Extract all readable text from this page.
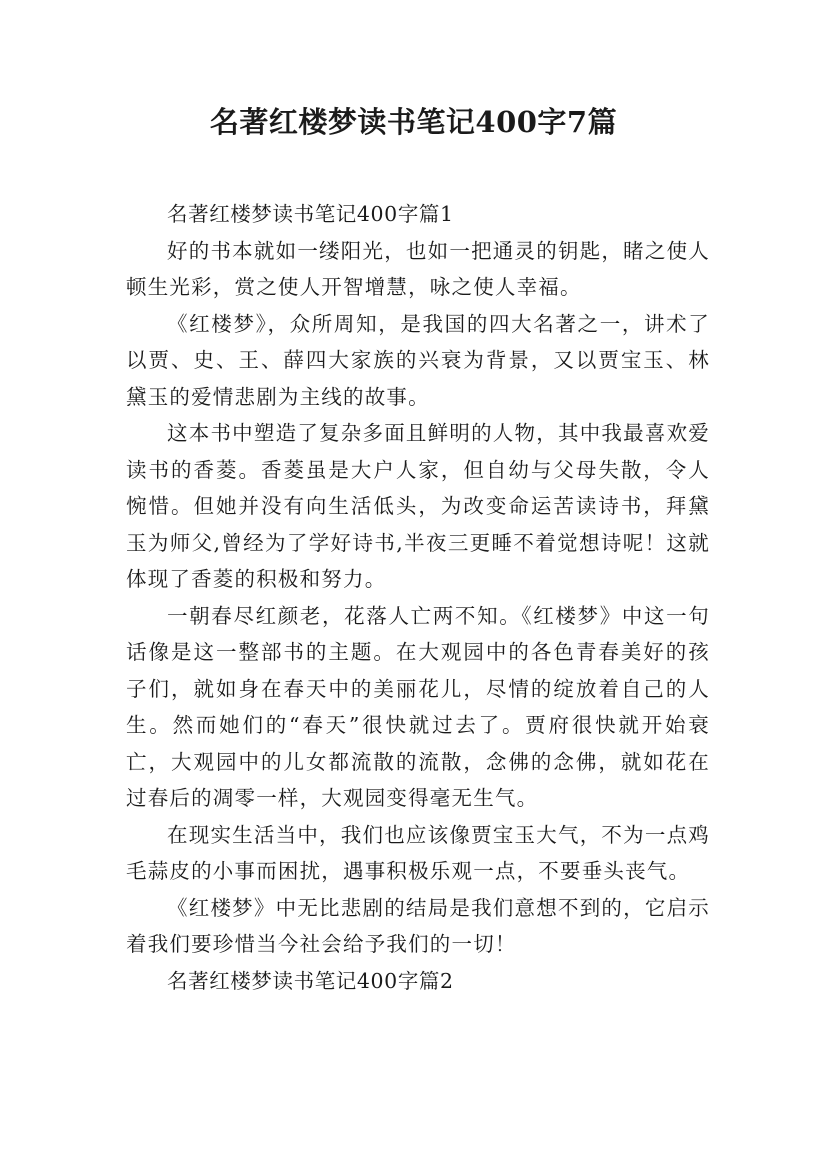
名著红楼梦读书笔记400字7篇

名著红楼梦读书笔记400字篇1

好的书本就如一缕阳光，也如一把通灵的钥匙，睹之使人顿生光彩，赏之使人开智增慧，咏之使人幸福。

《红楼梦》，众所周知，是我国的四大名著之一，讲术了以贾、史、王、薛四大家族的兴衰为背景，又以贾宝玉、林黛玉的爱情悲剧为主线的故事。

这本书中塑造了复杂多面且鲜明的人物，其中我最喜欢爱读书的香菱。香菱虽是大户人家，但自幼与父母失散，令人惋惜。但她并没有向生活低头，为改变命运苦读诗书，拜黛玉为师父,曾经为了学好诗书,半夜三更睡不着觉想诗呢！这就体现了香菱的积极和努力。

一朝春尽红颜老，花落人亡两不知。《红楼梦》中这一句话像是这一整部书的主题。在大观园中的各色青春美好的孩子们，就如身在春天中的美丽花儿，尽情的绽放着自己的人生。然而她们的“春天”很快就过去了。贾府很快就开始衰亡，大观园中的儿女都流散的流散，念佛的念佛，就如花在过春后的凋零一样，大观园变得毫无生气。

在现实生活当中，我们也应该像贾宝玉大气，不为一点鸡毛蒜皮的小事而困扰，遇事积极乐观一点，不要垂头丧气。

《红楼梦》中无比悲剧的结局是我们意想不到的，它启示着我们要珍惜当今社会给予我们的一切！

名著红楼梦读书笔记400字篇2
